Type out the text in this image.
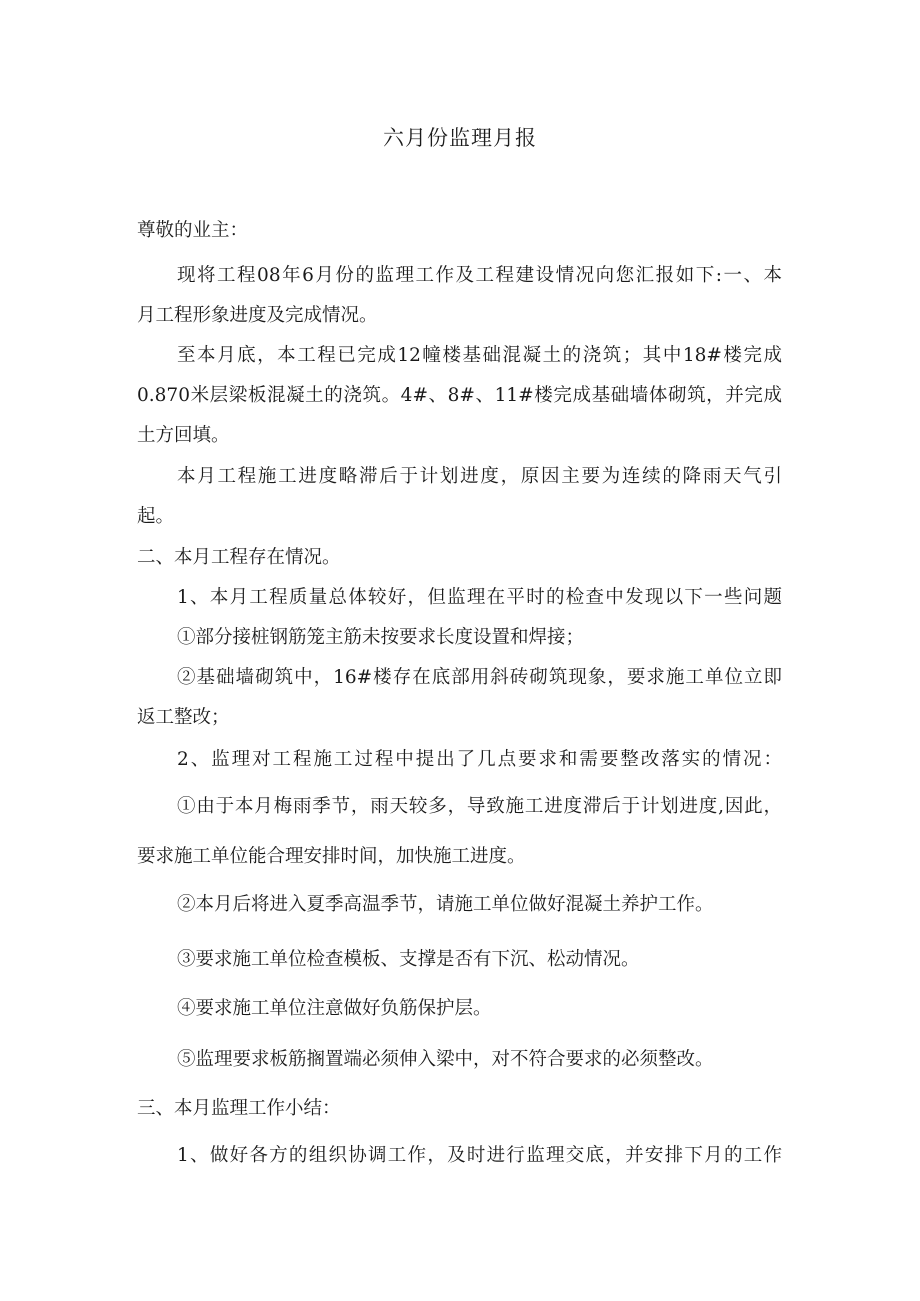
六月份监理月报
尊敬的业主：
现将工程08年6月份的监理工作及工程建设情况向您汇报如下:一、本
月工程形象进度及完成情况。
至本月底，本工程已完成12幢楼基础混凝土的浇筑；其中18#楼完成
0.870米层梁板混凝土的浇筑。4#、8#、11#楼完成基础墙体砌筑，并完成
土方回填。
本月工程施工进度略滞后于计划进度，原因主要为连续的降雨天气引
起。
二、本月工程存在情况。
1、本月工程质量总体较好，但监理在平时的检查中发现以下一些问题
①部分接桩钢筋笼主筋未按要求长度设置和焊接；
②基础墙砌筑中，16#楼存在底部用斜砖砌筑现象，要求施工单位立即
返工整改；
2、监理对工程施工过程中提出了几点要求和需要整改落实的情况：
①由于本月梅雨季节，雨天较多，导致施工进度滞后于计划进度,因此，
要求施工单位能合理安排时间，加快施工进度。
②本月后将进入夏季高温季节，请施工单位做好混凝土养护工作。
③要求施工单位检查模板、支撑是否有下沉、松动情况。
④要求施工单位注意做好负筋保护层。
⑤监理要求板筋搁置端必须伸入梁中，对不符合要求的必须整改。
三、本月监理工作小结：
1、做好各方的组织协调工作，及时进行监理交底，并安排下月的工作
